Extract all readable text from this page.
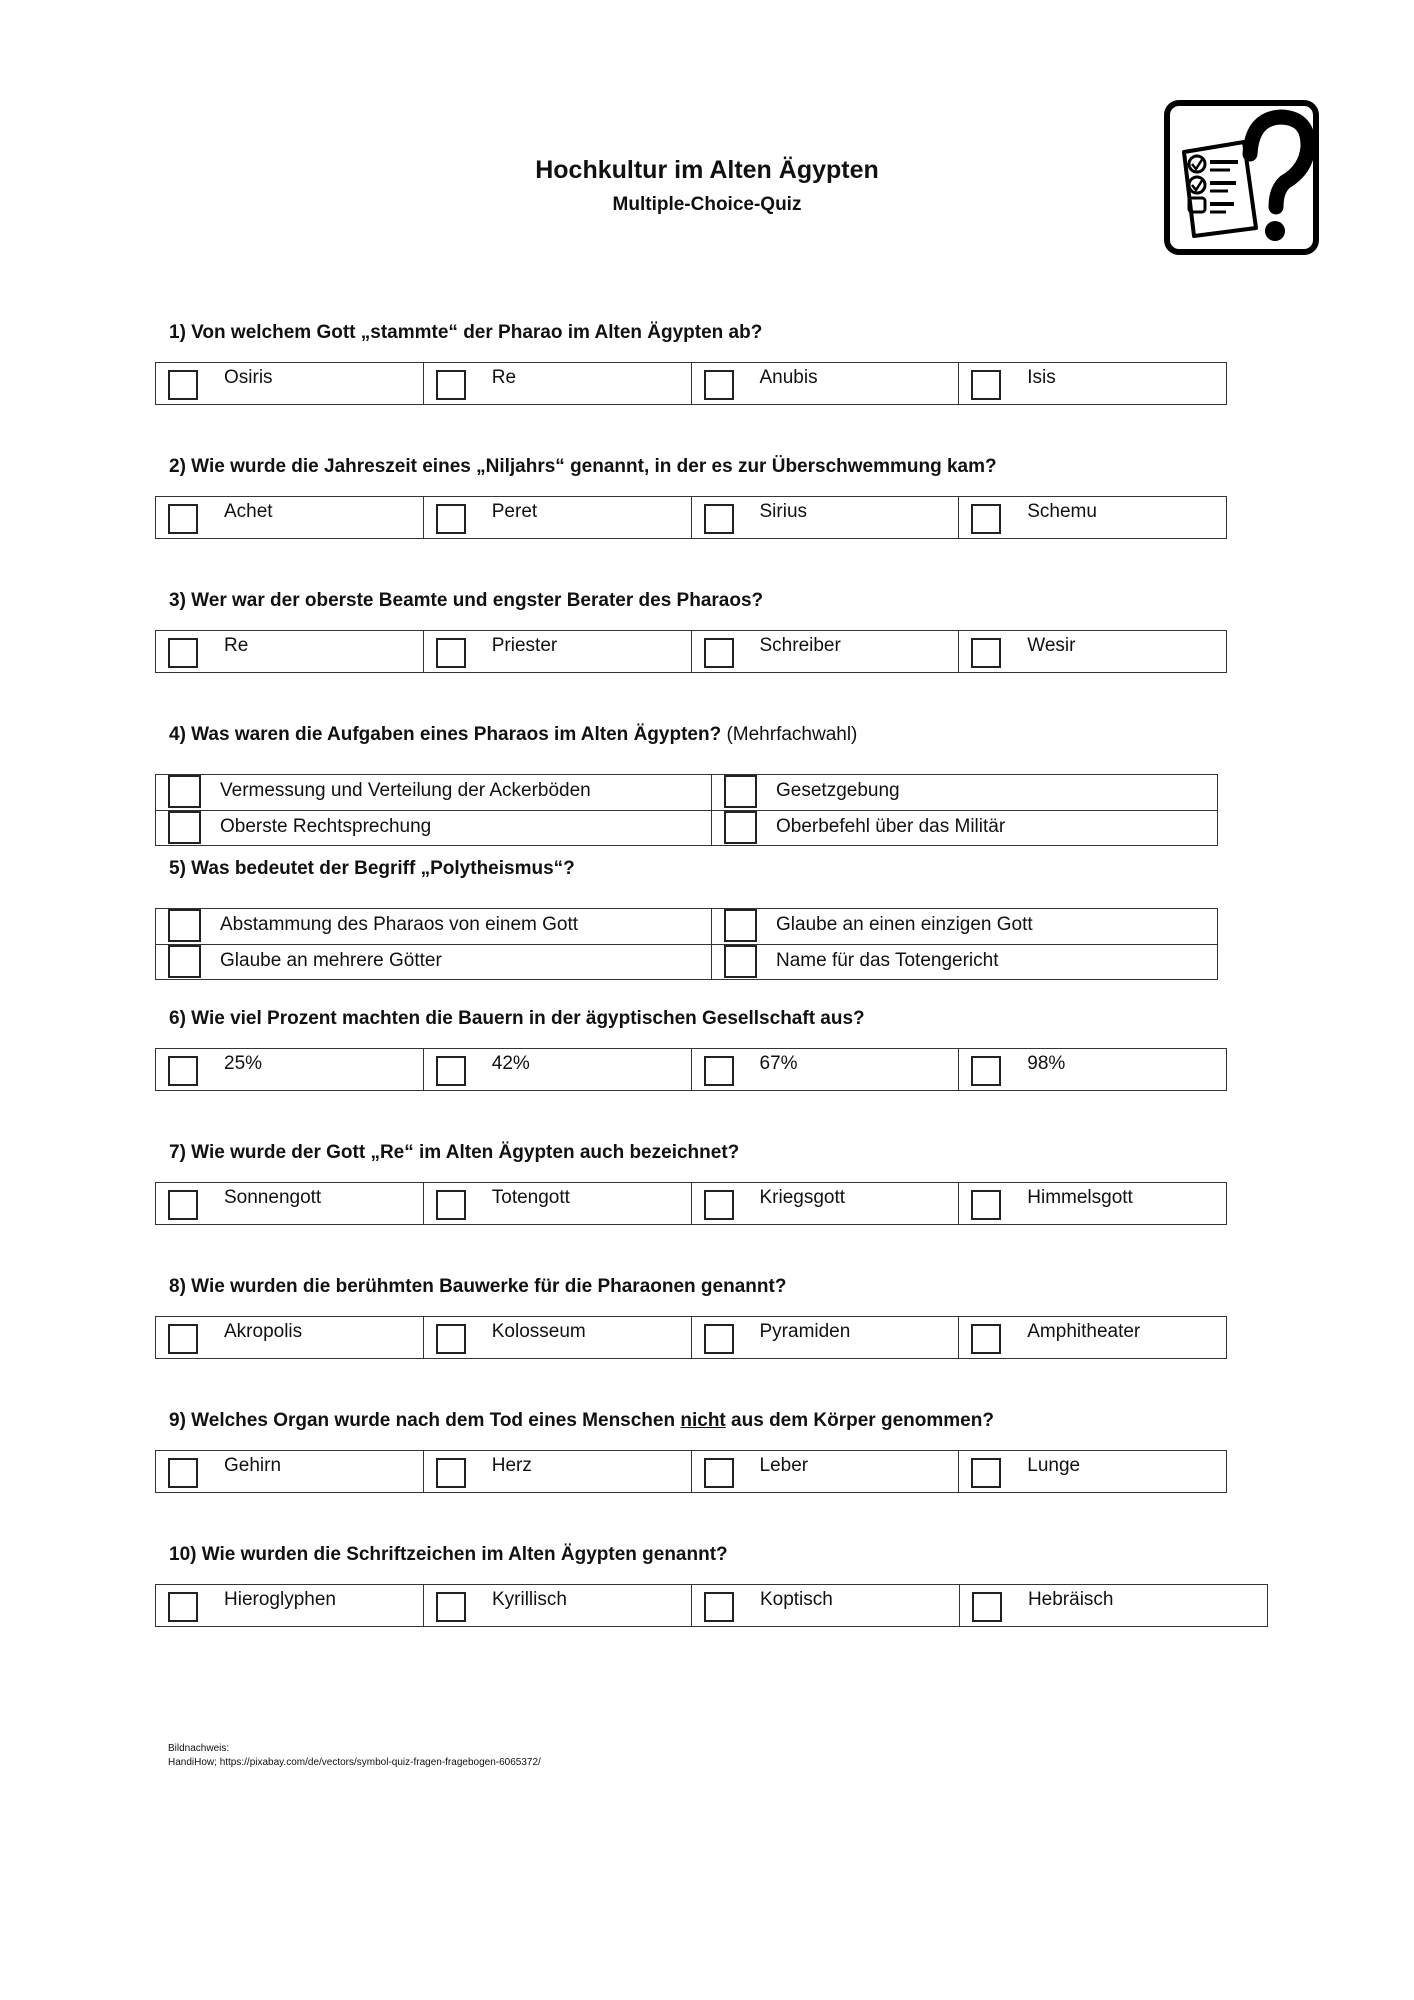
Hochkultur im Alten Ägypten
Multiple-Choice-Quiz
1) Von welchem Gott „stammte“ der Pharao im Alten Ägypten ab?
Osiris	Re	Anubis	Isis
2) Wie wurde die Jahreszeit eines „Niljahrs“ genannt, in der es zur Überschwemmung kam?
Achet	Peret	Sirius	Schemu
3) Wer war der oberste Beamte und engster Berater des Pharaos?
Re	Priester	Schreiber	Wesir
4) Was waren die Aufgaben eines Pharaos im Alten Ägypten? (Mehrfachwahl)
Vermessung und Verteilung der Ackerböden	Gesetzgebung
Oberste Rechtsprechung	Oberbefehl über das Militär
5) Was bedeutet der Begriff „Polytheismus“?
Abstammung des Pharaos von einem Gott	Glaube an einen einzigen Gott
Glaube an mehrere Götter	Name für das Totengericht
6) Wie viel Prozent machten die Bauern in der ägyptischen Gesellschaft aus?
25%	42%	67%	98%
7) Wie wurde der Gott „Re“ im Alten Ägypten auch bezeichnet?
Sonnengott	Totengott	Kriegsgott	Himmelsgott
8) Wie wurden die berühmten Bauwerke für die Pharaonen genannt?
Akropolis	Kolosseum	Pyramiden	Amphitheater
9) Welches Organ wurde nach dem Tod eines Menschen nicht aus dem Körper genommen?
Gehirn	Herz	Leber	Lunge
10) Wie wurden die Schriftzeichen im Alten Ägypten genannt?
Hieroglyphen	Kyrillisch	Koptisch	Hebräisch
Bildnachweis:
HandiHow; https://pixabay.com/de/vectors/symbol-quiz-fragen-fragebogen-6065372/
